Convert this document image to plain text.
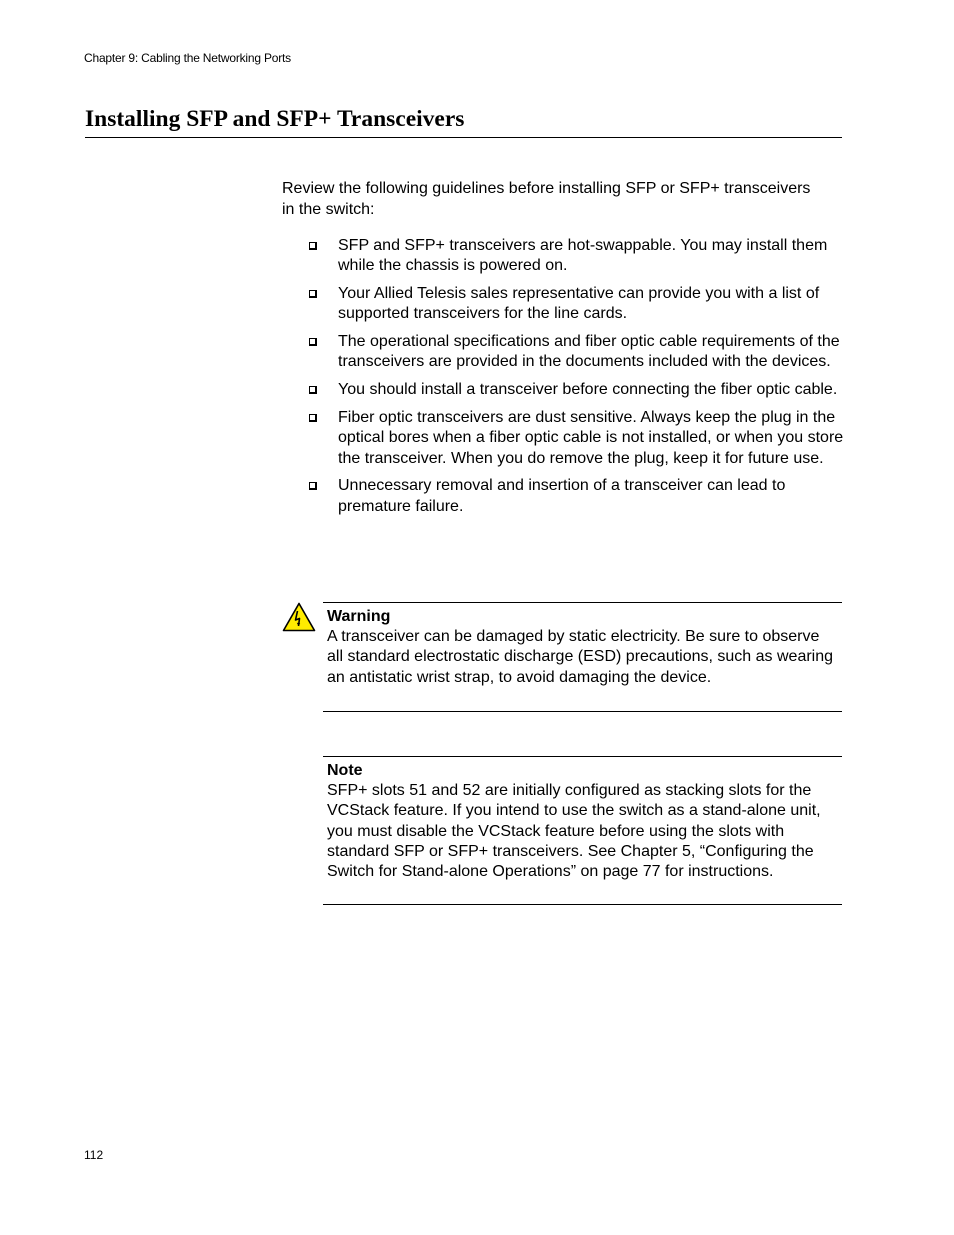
Chapter 9: Cabling the Networking Ports
Installing SFP and SFP+ Transceivers

Review the following guidelines before installing SFP or SFP+ transceivers in the switch:

SFP and SFP+ transceivers are hot-swappable. You may install them while the chassis is powered on.
Your Allied Telesis sales representative can provide you with a list of supported transceivers for the line cards.
The operational specifications and fiber optic cable requirements of the transceivers are provided in the documents included with the devices.
You should install a transceiver before connecting the fiber optic cable.
Fiber optic transceivers are dust sensitive. Always keep the plug in the optical bores when a fiber optic cable is not installed, or when you store the transceiver. When you do remove the plug, keep it for future use.
Unnecessary removal and insertion of a transceiver can lead to premature failure.
Warning
A transceiver can be damaged by static electricity. Be sure to observe all standard electrostatic discharge (ESD) precautions, such as wearing an antistatic wrist strap, to avoid damaging the device.
Note
SFP+ slots 51 and 52 are initially configured as stacking slots for the VCStack feature. If you intend to use the switch as a stand-alone unit, you must disable the VCStack feature before using the slots with standard SFP or SFP+ transceivers. See Chapter 5, “Configuring the Switch for Stand-alone Operations” on page 77 for instructions.
112
